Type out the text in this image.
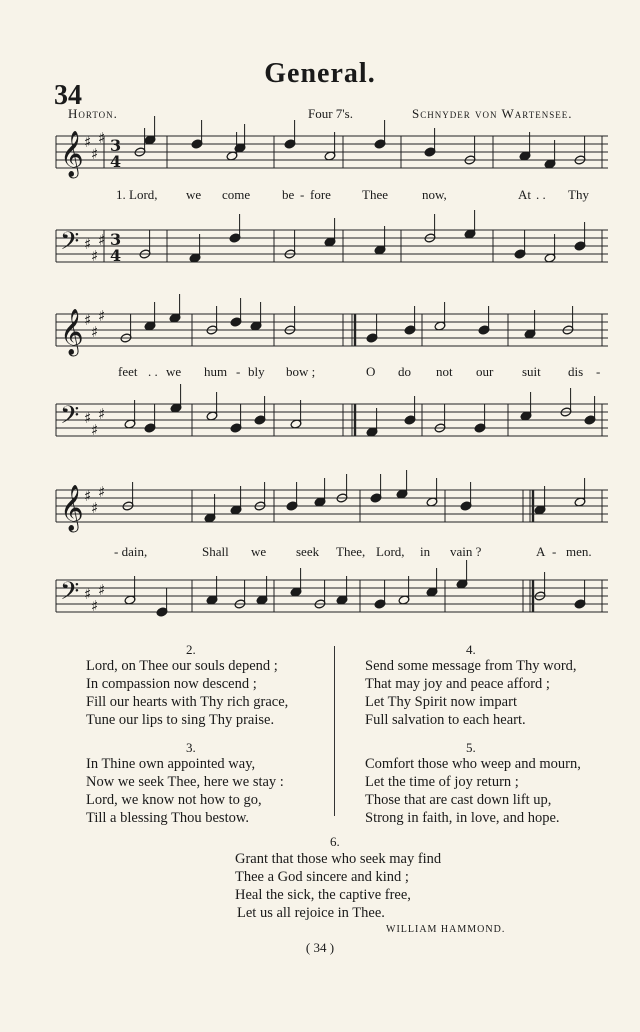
General.
34
Horton.	Four 7's.	Schnyder von Wartensee.
𝄞 ♯
♯
♯ 3
4
𝄢 ♯
♯
♯ 3
4
𝄞 ♯
♯
♯
𝄢 ♯
♯
♯
𝄞 ♯
♯
♯
𝄢 ♯
♯
♯
1. Lord, we come be - fore Thee	now,	At . . Thy
feet . . we hum - bly bow ;	O do not our suit dis -
- dain,	Shall we seek Thee, Lord, in vain ?	A - men.
2.
Lord, on Thee our souls depend ;
In compassion now descend ;
Fill our hearts with Thy rich grace,
Tune our lips to sing Thy praise.
3.
In Thine own appointed way,
Now we seek Thee, here we stay :
Lord, we know not how to go,
Till a blessing Thou bestow.
4.
Send some message from Thy word,
That may joy and peace afford ;
Let Thy Spirit now impart
Full salvation to each heart.
5.
Comfort those who weep and mourn,
Let the time of joy return ;
Those that are cast down lift up,
Strong in faith, in love, and hope.
6.
Grant that those who seek may find
Thee a God sincere and kind ;
Heal the sick, the captive free,
Let us all rejoice in Thee.
WILLIAM HAMMOND.
( 34 )
